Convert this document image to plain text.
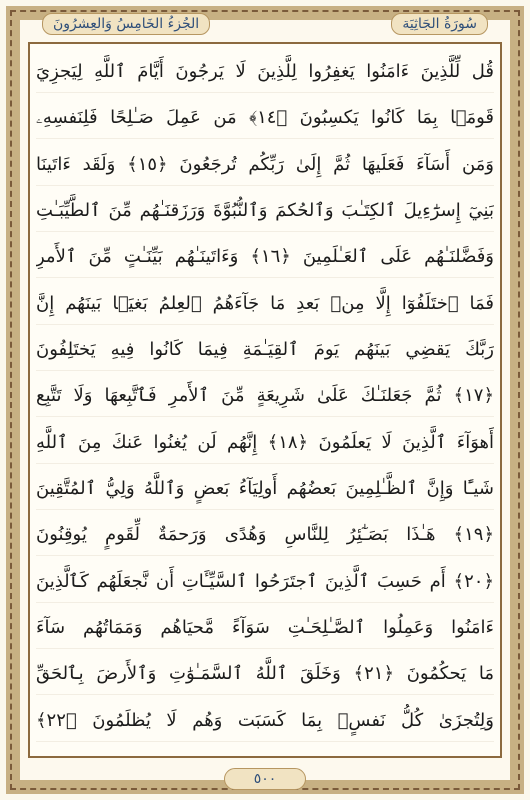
الجُزءُ الخَامِسُ وَالعِشرُونَ	سُورَةُ الجَاثِيَة
قُل لِّلَّذِينَ ءَامَنُوا يَغفِرُوا لِلَّذِينَ لَا يَرجُونَ أَيَّامَ ٱللَّهِ لِيَجزِيَ
قَومَۢا بِمَا كَانُوا يَكسِبُونَ ﴿١٤﴾ مَن عَمِلَ صَـٰلِحًا فَلِنَفسِهِۦ
وَمَن أَسَآءَ فَعَلَيهَا ثُمَّ إِلَىٰ رَبِّكُم تُرجَعُونَ ﴿١٥﴾ وَلَقَد ءَاتَينَا
بَنِيٓ إِسرَٰٓءِيلَ ٱلكِتَـٰبَ وَٱلحُكمَ وَٱلنُّبُوَّةَ وَرَزَقنَـٰهُم مِّنَ ٱلطَّيِّبَـٰتِ
وَفَضَّلنَـٰهُم عَلَى ٱلعَـٰلَمِينَ ﴿١٦﴾ وَءَاتَينَـٰهُم بَيِّنَـٰتٍ مِّنَ ٱلأَمرِ
فَمَا ٱختَلَفُوٓا إِلَّا مِنۢ بَعدِ مَا جَآءَهُمُ ٱلعِلمُ بَغيَۢا بَينَهُم إِنَّ
رَبَّكَ يَقضِي بَينَهُم يَومَ ٱلقِيَـٰمَةِ فِيمَا كَانُوا فِيهِ يَختَلِفُونَ
﴿١٧﴾ ثُمَّ جَعَلنَـٰكَ عَلَىٰ شَرِيعَةٍ مِّنَ ٱلأَمرِ فَٱتَّبِعهَا وَلَا تَتَّبِع
أَهوَآءَ ٱلَّذِينَ لَا يَعلَمُونَ ﴿١٨﴾ إِنَّهُم لَن يُغنُوا عَنكَ مِنَ ٱللَّهِ
شَيـًٔا وَإِنَّ ٱلظَّـٰلِمِينَ بَعضُهُم أَولِيَآءُ بَعضٍ وَٱللَّهُ وَلِيُّ ٱلمُتَّقِينَ
﴿١٩﴾ هَـٰذَا بَصَـٰٓئِرُ لِلنَّاسِ وَهُدًى وَرَحمَةٌ لِّقَومٍ يُوقِنُونَ
﴿٢٠﴾ أَم حَسِبَ ٱلَّذِينَ ٱجتَرَحُوا ٱلسَّيِّـَٔاتِ أَن نَّجعَلَهُم كَٱلَّذِينَ
ءَامَنُوا وَعَمِلُوا ٱلصَّـٰلِحَـٰتِ سَوَآءً مَّحيَاهُم وَمَمَاتُهُم سَآءَ
مَا يَحكُمُونَ ﴿٢١﴾ وَخَلَقَ ٱللَّهُ ٱلسَّمَـٰوَٰتِ وَٱلأَرضَ بِٱلحَقِّ
وَلِتُجزَىٰ كُلُّ نَفسٍۭ بِمَا كَسَبَت وَهُم لَا يُظلَمُونَ ﴿٢٢﴾
٥٠٠
